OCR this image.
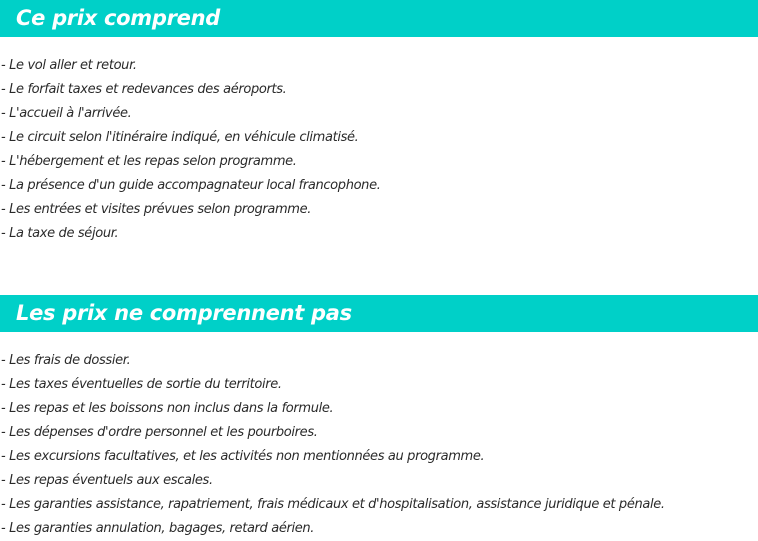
Ce prix comprend
- Le vol aller et retour.
- Le forfait taxes et redevances des aéroports.
- L'accueil à l'arrivée.
- Le circuit selon l'itinéraire indiqué, en véhicule climatisé.
- L'hébergement et les repas selon programme.
- La présence d'un guide accompagnateur local francophone.
- Les entrées et visites prévues selon programme.
- La taxe de séjour.
Les prix ne comprennent pas
- Les frais de dossier.
- Les taxes éventuelles de sortie du territoire.
- Les repas et les boissons non inclus dans la formule.
- Les dépenses d'ordre personnel et les pourboires.
- Les excursions facultatives, et les activités non mentionnées au programme.
- Les repas éventuels aux escales.
- Les garanties assistance, rapatriement, frais médicaux et d'hospitalisation, assistance juridique et pénale.
- Les garanties annulation, bagages, retard aérien.
